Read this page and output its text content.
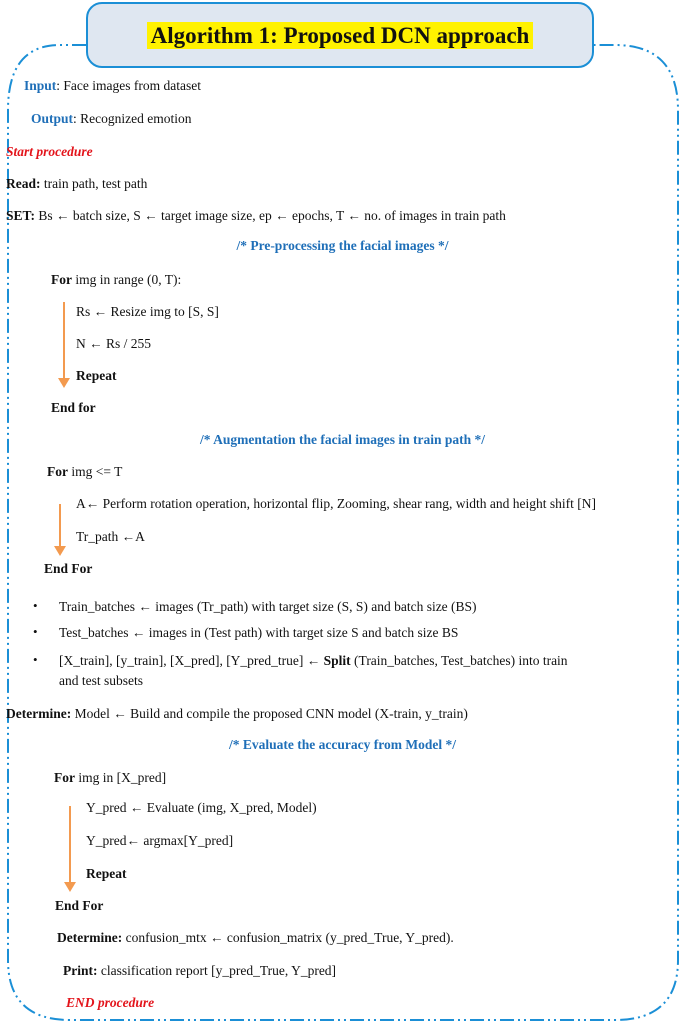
Algorithm 1: Proposed DCN approach
Input: Face images from dataset
Output: Recognized emotion
Start procedure
Read: train path, test path
SET: Bs ← batch size, S ← target image size, ep ← epochs, T ← no. of images in train path
/* Pre-processing the facial images */
For img in range (0, T):
Rs ← Resize img to [S, S]
N ← Rs / 255
Repeat
End for
/* Augmentation the facial images in train path */
For img <= T
A← Perform rotation operation, horizontal flip, Zooming, shear rang, width and height shift [N]
Tr_path ←A
End For
• Train_batches ← images (Tr_path) with target size (S, S) and batch size (BS)
• Test_batches ← images in (Test path) with target size S and batch size BS
• [X_train], [y_train], [X_pred], [Y_pred_true] ← Split (Train_batches, Test_batches) into train
and test subsets
Determine: Model ← Build and compile the proposed CNN model (X-train, y_train)
/* Evaluate the accuracy from Model */
For img in [X_pred]
Y_pred ← Evaluate (img, X_pred, Model)
Y_pred← argmax[Y_pred]
Repeat
End For
Determine: confusion_mtx ← confusion_matrix (y_pred_True, Y_pred).
Print: classification report [y_pred_True, Y_pred]
END procedure
